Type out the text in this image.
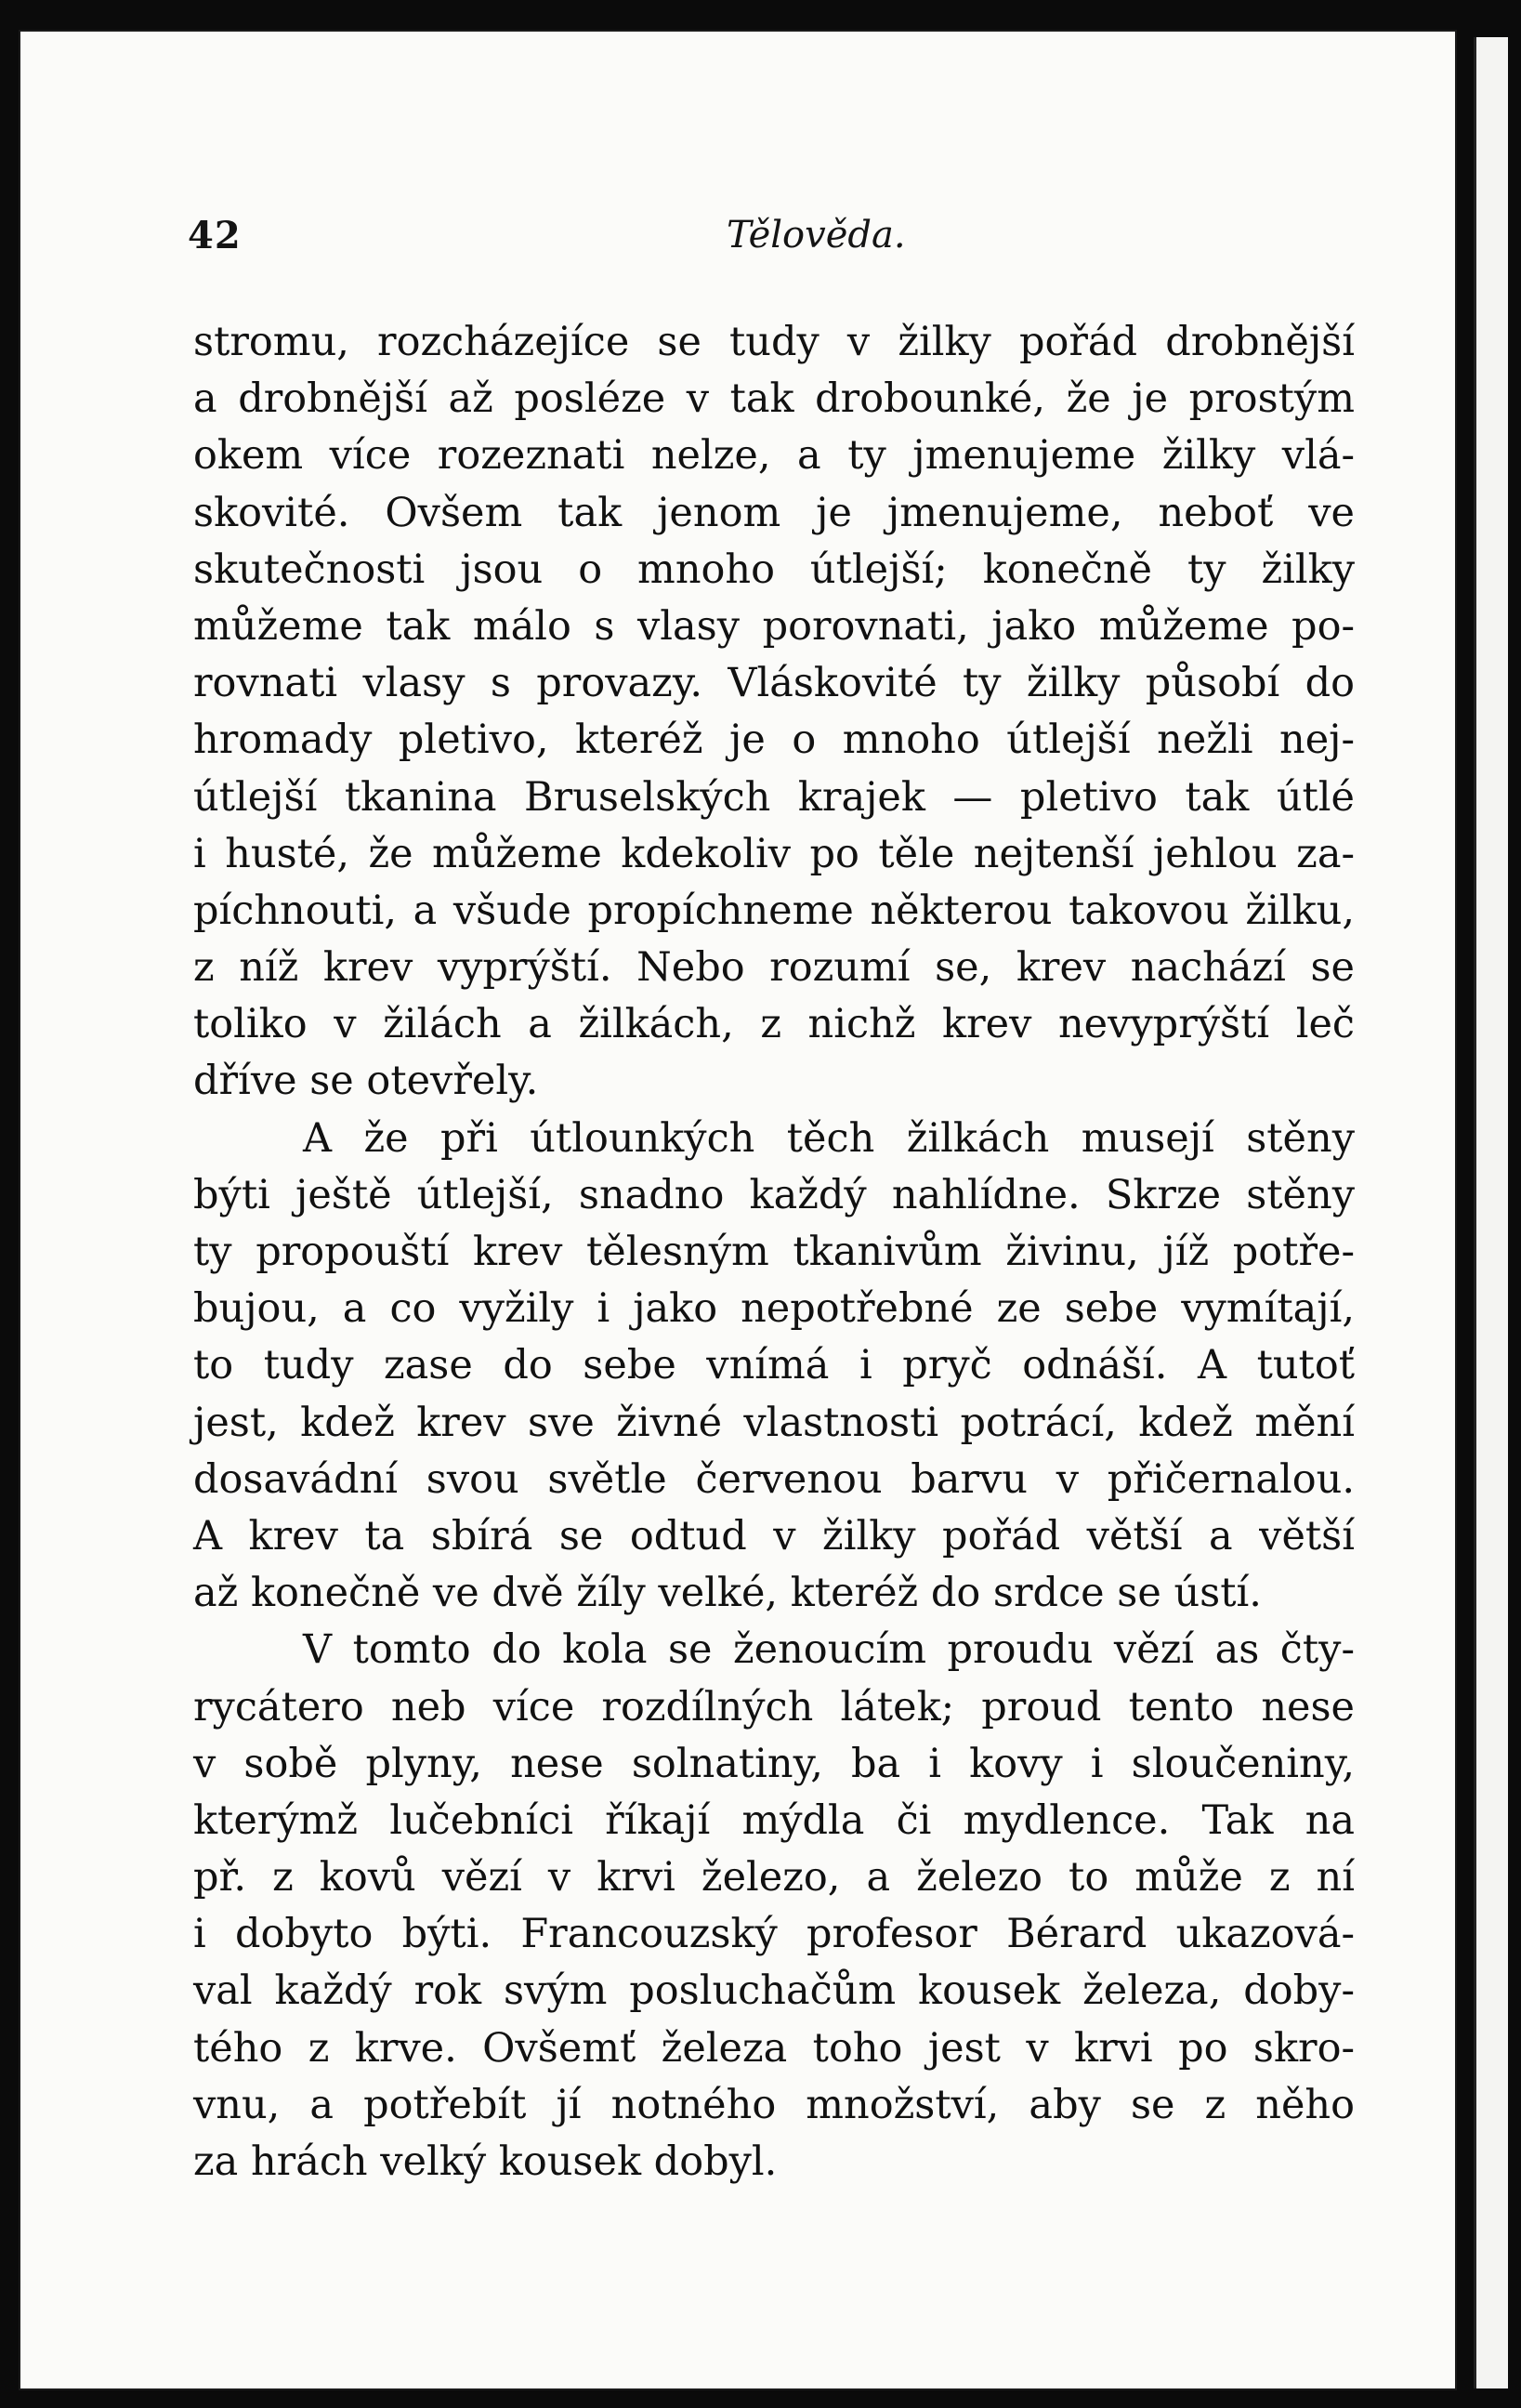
42	Tělověda.
stromu, rozcházejíce se tudy v žilky pořád drobnější
a drobnější až posléze v tak drobounké, že je prostým
okem více rozeznati nelze, a ty jmenujeme žilky vlá-
skovité. Ovšem tak jenom je jmenujeme, neboť ve
skutečnosti jsou o mnoho útlejší; konečně ty žilky
můžeme tak málo s vlasy porovnati, jako můžeme po-
rovnati vlasy s provazy. Vláskovité ty žilky působí do
hromady pletivo, kteréž je o mnoho útlejší nežli nej-
útlejší tkanina Bruselských krajek — pletivo tak útlé
i husté, že můžeme kdekoliv po těle nejtenší jehlou za-
píchnouti, a všude propíchneme některou takovou žilku,
z níž krev vyprýští. Nebo rozumí se, krev nachází se
toliko v žilách a žilkách, z nichž krev nevyprýští leč
dříve se otevřely.
A že při útlounkých těch žilkách musejí stěny
býti ještě útlejší, snadno každý nahlídne. Skrze stěny
ty propouští krev tělesným tkanivům živinu, jíž potře-
bujou, a co vyžily i jako nepotřebné ze sebe vymítají,
to tudy zase do sebe vnímá i pryč odnáší. A tutoť
jest, kdež krev sve živné vlastnosti potrácí, kdež mění
dosavádní svou světle červenou barvu v přičernalou.
A krev ta sbírá se odtud v žilky pořád větší a větší
až konečně ve dvě žíly velké, kteréž do srdce se ústí.
V tomto do kola se ženoucím proudu vězí as čty-
rycátero neb více rozdílných látek; proud tento nese
v sobě plyny, nese solnatiny, ba i kovy i sloučeniny,
kterýmž lučebníci říkají mýdla či mydlence. Tak na
př. z kovů vězí v krvi železo, a železo to může z ní
i dobyto býti. Francouzský profesor Bérard ukazová-
val každý rok svým posluchačům kousek železa, doby-
tého z krve. Ovšemť železa toho jest v krvi po skro-
vnu, a potřebít jí notného množství, aby se z něho
za hrách velký kousek dobyl.
